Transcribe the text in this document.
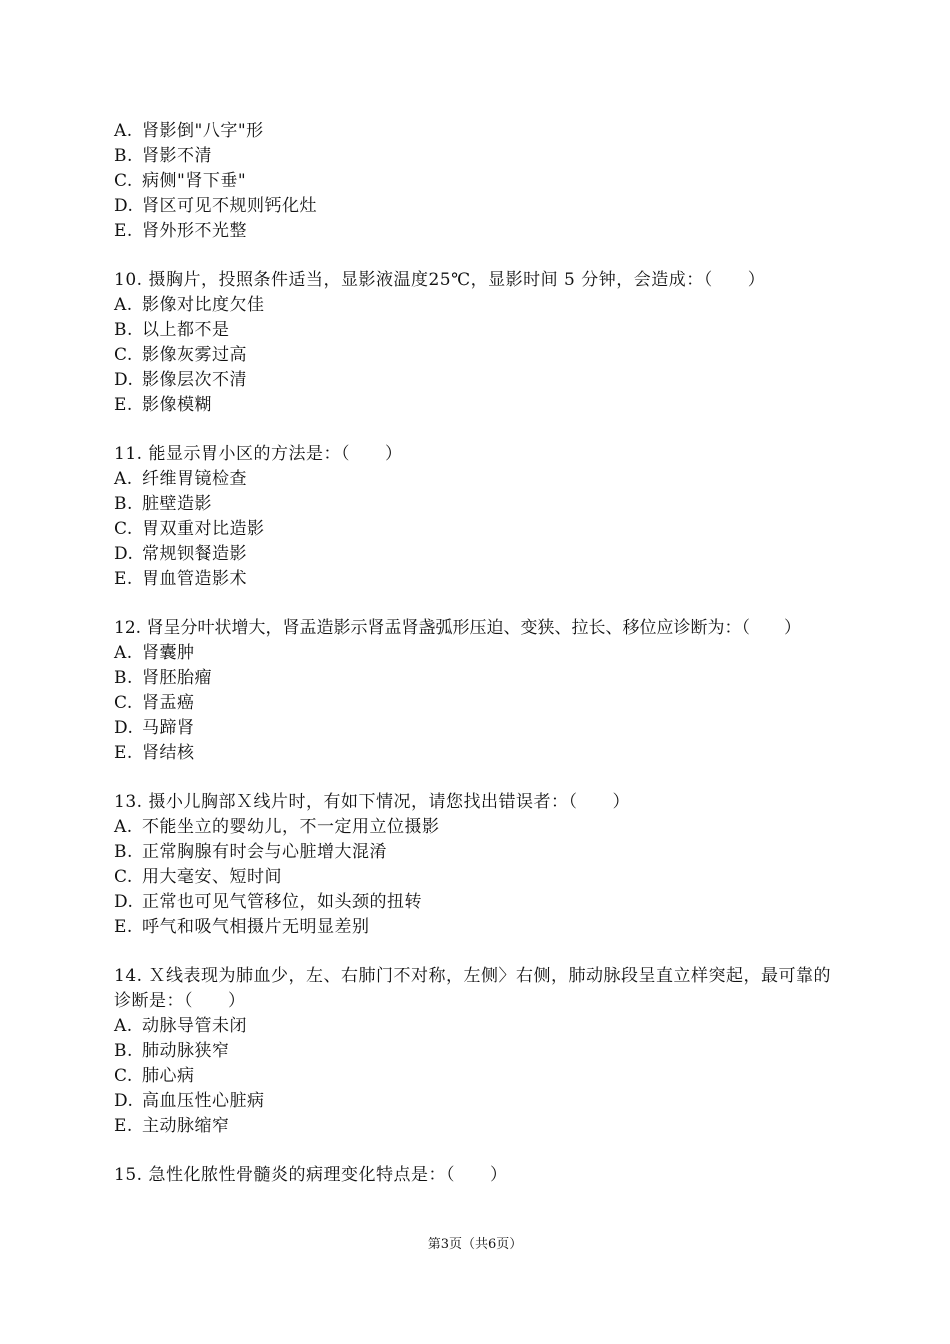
A. 肾影倒"八字"形
B. 肾影不清
C. 病侧"肾下垂"
D. 肾区可见不规则钙化灶
E. 肾外形不光整
10. 摄胸片，投照条件适当，显影液温度25℃，显影时间 5 分钟，会造成：（　　）
A. 影像对比度欠佳
B. 以上都不是
C. 影像灰雾过高
D. 影像层次不清
E. 影像模糊
11. 能显示胃小区的方法是：（　　）
A. 纤维胃镜检查
B. 脏壁造影
C. 胃双重对比造影
D. 常规钡餐造影
E. 胃血管造影术
12. 肾呈分叶状增大，肾盂造影示肾盂肾盏弧形压迫、变狭、拉长、移位应诊断为：（　　）
A. 肾囊肿
B. 肾胚胎瘤
C. 肾盂癌
D. 马蹄肾
E. 肾结核
13. 摄小儿胸部Ｘ线片时，有如下情况，请您找出错误者：（　　）
A. 不能坐立的婴幼儿，不一定用立位摄影
B. 正常胸腺有时会与心脏增大混淆
C. 用大毫安、短时间
D. 正常也可见气管移位，如头颈的扭转
E. 呼气和吸气相摄片无明显差别
14. Ｘ线表现为肺血少，左、右肺门不对称，左侧〉右侧，肺动脉段呈直立样突起，最可靠的诊断是：（　　）
A. 动脉导管未闭
B. 肺动脉狭窄
C. 肺心病
D. 高血压性心脏病
E. 主动脉缩窄
15. 急性化脓性骨髓炎的病理变化特点是：（　　）
第3页（共6页）
